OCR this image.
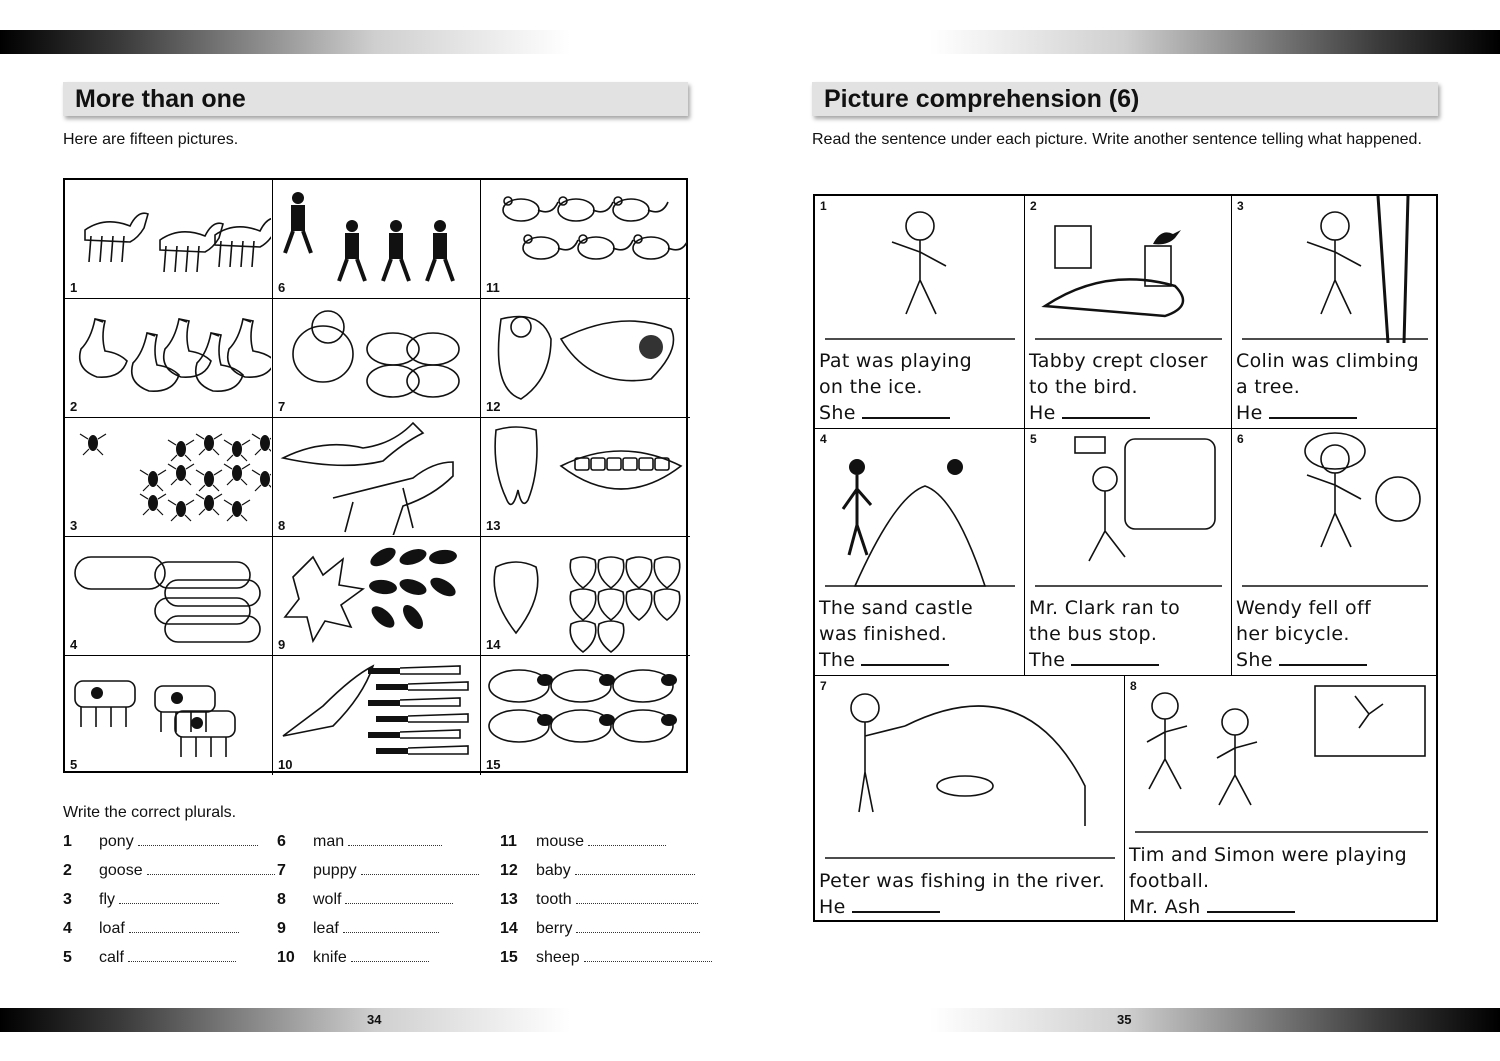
More than one
Here are fifteen pictures.
1	6	11
2	7	12
3	8	13
4	9	14
5	10	15
Write the correct plurals.
1	pony
2	goose
3	fly
4	loaf
5	calf
6	man
7	puppy
8	wolf
9	leaf
10	knife
11	mouse
12	baby
13	tooth
14	berry
15	sheep
34
Picture comprehension (6)
Read the sentence under each picture. Write another sentence telling what happened.
1
Pat was playing
on the ice.
She
2
Tabby crept closer
to the bird.
He
3
Colin was climbing
a tree.
He
4
The sand castle
was finished.
The
5
Mr. Clark ran to
the bus stop.
The
6
Wendy fell off
her bicycle.
She
7
Peter was fishing in the river.
He
8
Tim and Simon were playing
football.
Mr. Ash
35
